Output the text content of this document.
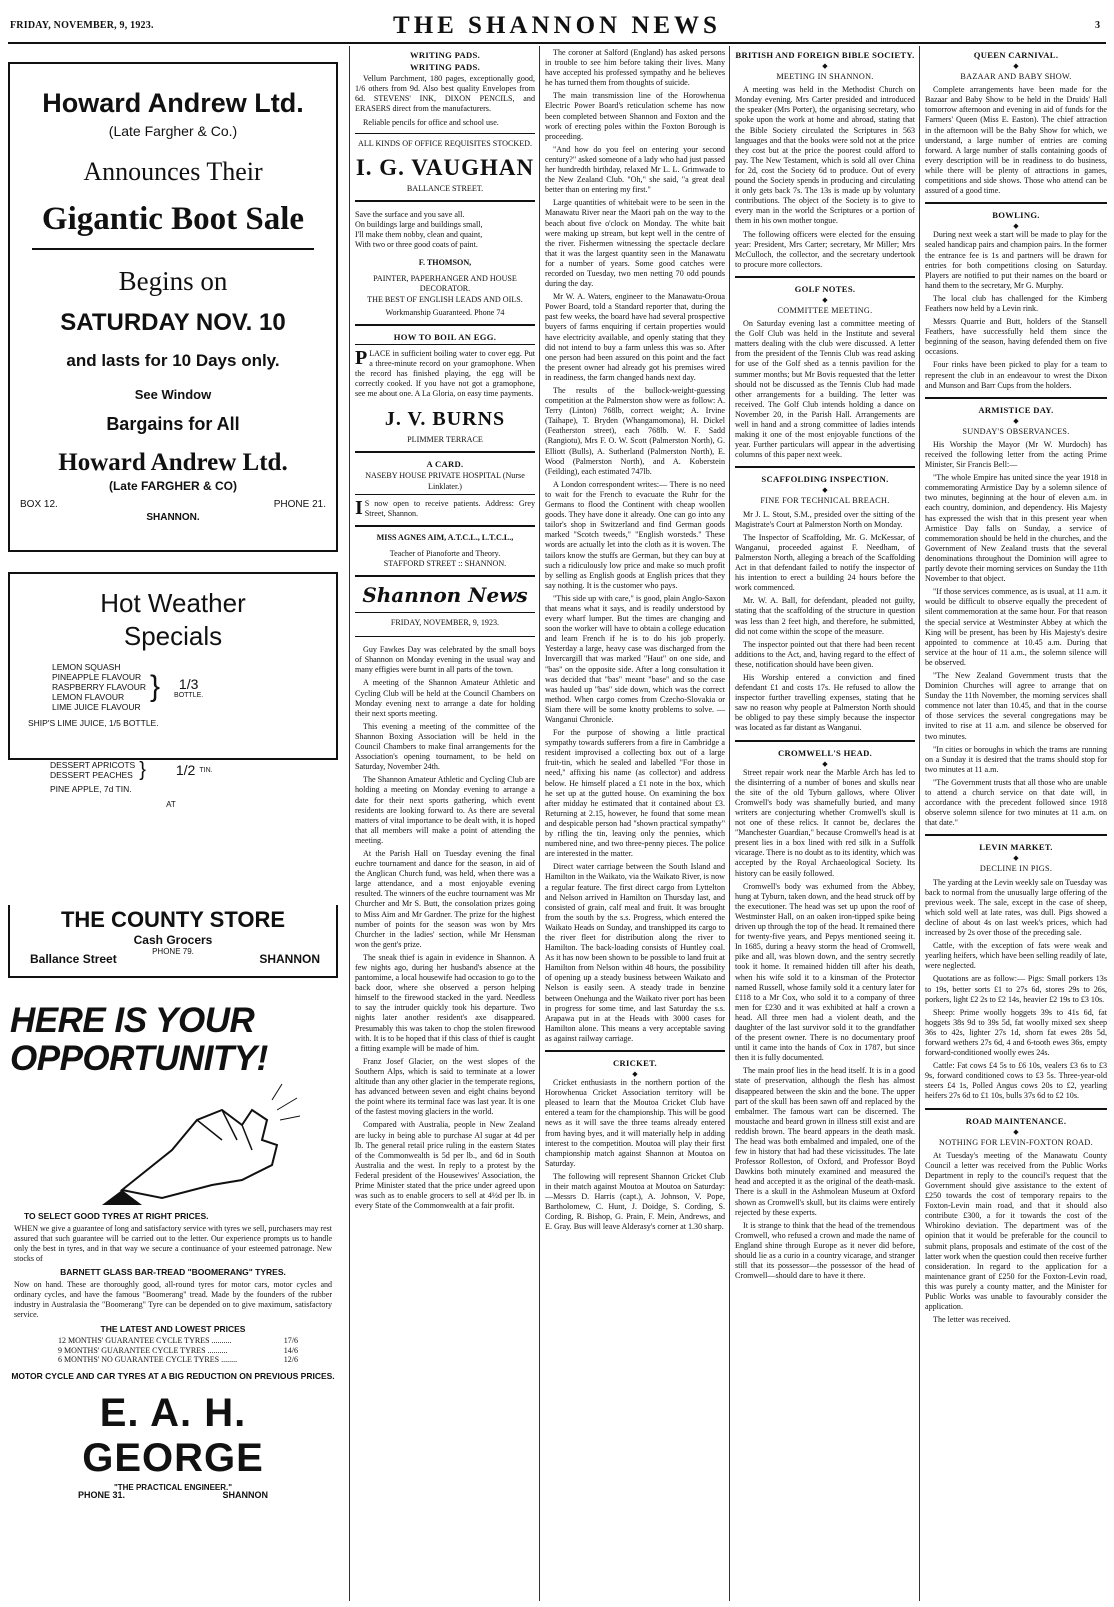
FRIDAY, NOVEMBER, 9, 1923.	THE SHANNON NEWS	3
Howard Andrew Ltd.
(Late Fargher & Co.)
Announces Their
Gigantic Boot Sale
Begins on
SATURDAY NOV. 10
and lasts for 10 Days only.
See Window
Bargains for All
Howard Andrew Ltd.
(Late FARGHER & CO)
BOX 12.	PHONE 21.
SHANNON.
Hot Weather
Specials
LEMON SQUASH
PINEAPPLE FLAVOUR
RASPBERRY FLAVOUR
LEMON FLAVOUR
LIME JUICE FLAVOUR
}	1/3
BOTTLE.
SHIP'S LIME JUICE, 1/5 BOTTLE.
DESSERT APRICOTS
DESSERT PEACHES } 1/2 TIN.
PINE APPLE, 7d TIN.
AT
THE COUNTY STORE
Cash Grocers
PHONE 79.
Ballance Street	SHANNON
HERE IS YOUR OPPORTUNITY!
TO SELECT GOOD TYRES AT RIGHT PRICES.
WHEN we give a guarantee of long and satisfactory service with tyres we sell, purchasers may rest assured that such guarantee will be carried out to the letter. Our experience prompts us to handle only the best in tyres, and in that way we secure a continuance of your esteemed patronage. New stocks of
BARNETT GLASS BAR-TREAD "BOOMERANG" TYRES.
Now on hand. These are thoroughly good, all-round tyres for motor cars, motor cycles and ordinary cycles, and have the famous "Boomerang" tread. Made by the founders of the rubber industry in Australasia the "Boomerang" Tyre can be depended on to give maximum, satisfactory service.
THE LATEST AND LOWEST PRICES
12 MONTHS' GUARANTEE CYCLE TYRES ..........	17/6
9 MONTHS' GUARANTEE CYCLE TYRES ..........	14/6
6 MONTHS' NO GUARANTEE CYCLE TYRES ........	12/6
MOTOR CYCLE AND CAR TYRES AT A BIG REDUCTION ON PREVIOUS PRICES.
E. A. H. GEORGE
"THE PRACTICAL ENGINEER."
PHONE 31.	SHANNON
WRITING PADS.
WRITING PADS.

Vellum Parchment, 180 pages, exceptionally good, 1/6 others from 9d. Also best quality Envelopes from 6d. STEVENS' INK, DIXON PENCILS, and ERASERS direct from the manufacturers.

Reliable pencils for office and school use.

ALL KINDS OF OFFICE REQUISITES STOCKED.
I. G. VAUGHAN
BALLANCE STREET.
Save the surface and you save all.
On buildings large and buildings small,
I'll make them nobby, clean and quaint,
With two or three good coats of paint.
F. THOMSON,
PAINTER, PAPERHANGER AND HOUSE DECORATOR.
THE BEST OF ENGLISH LEADS AND OILS.
Workmanship Guaranteed. Phone 74
HOW TO BOIL AN EGG.
PLACE in sufficient boiling water to cover egg. Put a three-minute record on your gramophone. When the record has finished playing, the egg will be correctly cooked. If you have not got a gramophone, see me about one. A La Gloria, on easy time payments.
J. V. BURNS
PLIMMER TERRACE
A CARD.
NASEBY HOUSE PRIVATE HOSPITAL (Nurse Linklater.)
I S now open to receive patients. Address: Grey Street, Shannon.
MISS AGNES AIM, A.T.C.L., L.T.C.L.,
Teacher of Pianoforte and Theory.
STAFFORD STREET :: SHANNON.
Shannon News
FRIDAY, NOVEMBER, 9, 1923.

Guy Fawkes Day was celebrated by the small boys of Shannon on Monday evening in the usual way and many effigies were burnt in all parts of the town.

A meeting of the Shannon Amateur Athletic and Cycling Club will be held at the Council Chambers on Monday evening next to arrange a date for holding their next sports meeting.

This evening a meeting of the committee of the Shannon Boxing Association will be held in the Council Chambers to make final arrangements for the Association's opening tournament, to be held on Saturday, November 24th.

The Shannon Amateur Athletic and Cycling Club are holding a meeting on Monday evening to arrange a date for their next sports gathering, which event residents are looking forward to. As there are several matters of vital importance to be dealt with, it is hoped that all members will make a point of attending the meeting.

At the Parish Hall on Tuesday evening the final euchre tournament and dance for the season, in aid of the Anglican Church fund, was held, when there was a large attendance, and a most enjoyable evening resulted. The winners of the euchre tournament was Mr Churcher and Mr S. Butt, the consolation prizes going to Miss Aim and Mr Gardner. The prize for the highest number of points for the season was won by Mrs Churcher in the ladies' section, while Mr Hensman won the gent's prize.

The sneak thief is again in evidence in Shannon. A few nights ago, during her husband's absence at the pantomime, a local housewife had occasion to go to the back door, where she observed a person helping himself to the firewood stacked in the yard. Needless to say the intruder quickly took his departure. Two nights later another resident's axe disappeared. Presumably this was taken to chop the stolen firewood with. It is to be hoped that if this class of thief is caught a fitting example will be made of him.

Franz Josef Glacier, on the west slopes of the Southern Alps, which is said to terminate at a lower altitude than any other glacier in the temperate regions, has advanced between seven and eight chains beyond the point where its terminal face was last year. It is one of the fastest moving glaciers in the world.

Compared with Australia, people in New Zealand are lucky in being able to purchase Al sugar at 4d per lb. The general retail price ruling in the eastern States of the Commonwealth is 5d per lb., and 6d in South Australia and the west. In reply to a protest by the Federal president of the Housewives' Association, the Prime Minister stated that the price under agreed upon was such as to enable grocers to sell at 4½d per lb. in every State of the Commonwealth at a fair profit.

The coroner at Salford (England) has asked persons in trouble to see him before taking their lives. Many have accepted his professed sympathy and he believes he has turned them from thoughts of suicide.

The main transmission line of the Horowhenua Electric Power Board's reticulation scheme has now been completed between Shannon and Foxton and the work of erecting poles within the Foxton Borough is proceeding.

"And how do you feel on entering your second century?" asked someone of a lady who had just passed her hundredth birthday, relaxed Mr L. L. Grimwade to the New Zealand Club. "Oh," she said, "a great deal better than on entering my first."

Large quantities of whitebait were to be seen in the Manawatu River near the Maori pah on the way to the beach about five o'clock on Monday. The white bait were making up stream, but kept well in the centre of the river. Fishermen witnessing the spectacle declare that it was the largest quantity seen in the Manawatu for a number of years. Some good catches were recorded on Tuesday, two men netting 70 odd pounds during the day.

Mr W. A. Waters, engineer to the Manawatu-Oroua Power Board, told a Standard reporter that, during the past few weeks, the board have had several prospective buyers of farms enquiring if certain properties would have electricity available, and openly stating that they did not intend to buy a farm unless this was so. After one person had been assured on this point and the fact the present owner had already got his premises wired in readiness, the farm changed hands next day.

The results of the bullock-weight-guessing competition at the Palmerston show were as follow: A. Terry (Linton) 768lb, correct weight; A. Irvine (Taihape), T. Bryden (Whangamomona), H. Dickel (Featherston street), each 768lb. W. F. Sadd (Rangiotu), Mrs F. O. W. Scott (Palmerston North), G. Elliott (Bulls), A. Sutherland (Palmerston North), E. Wood (Palmerston North), and A. Koberstein (Feilding), each estimated 747lb.

A London correspondent writes:— There is no need to wait for the French to evacuate the Ruhr for the Germans to flood the Continent with cheap woollen goods. They have done it already. One can go into any tailor's shop in Switzerland and find German goods marked "Scotch tweeds," "English worsteds." These words are actually let into the cloth as it is woven. The tailors know the stuffs are German, but they can buy at such a ridiculously low price and make so much profit by selling as English goods at English prices that they say nothing. It is the customer who pays.

"This side up with care," is good, plain Anglo-Saxon that means what it says, and is readily understood by every wharf lumper. But the times are changing and soon the worker will have to obtain a college education and learn French if he is to do his job properly. Yesterday a large, heavy case was discharged from the Invercargill that was marked "Haut" on one side, and "bas" on the opposite side. After a long consultation it was decided that "bas" meant "base" and so the case was hauled up "bas" side down, which was the correct method. When cargo comes from Czecho-Slovakia or Siam there will be some knotty problems to solve. —Wanganui Chronicle.

For the purpose of showing a little practical sympathy towards sufferers from a fire in Cambridge a resident improvised a collecting box out of a large fruit-tin, which he sealed and labelled "For those in need," affixing his name (as collector) and address below. He himself placed a £1 note in the box, which he set up at the gutted house. On examining the box after midday he estimated that it contained about £3. Returning at 2.15, however, he found that some mean and despicable person had "shown practical sympathy" by rifling the tin, leaving only the pennies, which numbered nine, and two three-penny pieces. The police are interested in the matter.

Direct water carriage between the South Island and Hamilton in the Waikato, via the Waikato River, is now a regular feature. The first direct cargo from Lyttelton and Nelson arrived in Hamilton on Thursday last, and consisted of grain, calf meal and fruit. It was brought from the south by the s.s. Progress, which entered the Waikato Heads on Sunday, and transhipped its cargo to the river fleet for distribution along the river to Hamilton. The back-loading consists of Huntley coal. As it has now been shown to be possible to land fruit at Hamilton from Nelson within 48 hours, the possibility of opening up a steady business between Waikato and Nelson is easily seen. A steady trade in benzine between Onehunga and the Waikato river port has been in progress for some time, and last Saturday the s.s. Arapawa put in at the Heads with 3000 cases for Hamilton alone. This means a very acceptable saving as against railway carriage.

CRICKET.
◆

Cricket enthusiasts in the northern portion of the Horowhenua Cricket Association territory will be pleased to learn that the Moutoa Cricket Club have entered a team for the championship. This will be good news as it will save the three teams already entered from having byes, and it will materially help in adding interest to the competition. Moutoa will play their first championship match against Shannon at Moutoa on Saturday.

The following will represent Shannon Cricket Club in their match against Moutoa at Moutoa on Saturday:—Messrs D. Harris (capt.), A. Johnson, V. Pope, Bartholomew, C. Hunt, J. Doidge, S. Cording, S. Cording, R. Bishop, G. Prain, F. Mein, Andrews, and E. Gray. Bus will leave Alderasy's corner at 1.30 sharp.

BRITISH AND FOREIGN BIBLE SOCIETY.
◆
MEETING IN SHANNON.

A meeting was held in the Methodist Church on Monday evening. Mrs Carter presided and introduced the speaker (Mrs Porter), the organising secretary, who spoke upon the work at home and abroad, stating that the Bible Society circulated the Scriptures in 563 languages and that the books were sold not at the price they cost but at the price the poorest could afford to pay. The New Testament, which is sold all over China for 2d, cost the Society 6d to produce. Out of every pound the Society spends in producing and circulating it only gets back 7s. The 13s is made up by voluntary contributions. The object of the Society is to give to every man in the world the Scriptures or a portion of them in his own mother tongue.

The following officers were elected for the ensuing year: President, Mrs Carter; secretary, Mr Miller; Mrs McCulloch, the collector, and the secretary undertook to procure more collectors.

GOLF NOTES.
◆
COMMITTEE MEETING.

On Saturday evening last a committee meeting of the Golf Club was held in the Institute and several matters dealing with the club were discussed. A letter from the president of the Tennis Club was read asking for use of the Golf shed as a tennis pavilion for the summer months; but Mr Bovis requested that the letter should not be discussed as the Tennis Club had made other arrangements for a building. The letter was received. The Golf Club intends holding a dance on November 20, in the Parish Hall. Arrangements are well in hand and a strong committee of ladies intends making it one of the most enjoyable functions of the year. Further particulars will appear in the advertising columns of this paper next week.

SCAFFOLDING INSPECTION.
◆
FINE FOR TECHNICAL BREACH.

Mr J. L. Stout, S.M., presided over the sitting of the Magistrate's Court at Palmerston North on Monday.

The Inspector of Scaffolding, Mr. G. McKessar, of Wanganui, proceeded against F. Needham, of Palmerston North, alleging a breach of the Scaffolding Act in that defendant failed to notify the inspector of his intention to erect a building 24 hours before the work commenced.

Mr. W. A. Ball, for defendant, pleaded not guilty, stating that the scaffolding of the structure in question was less than 2 feet high, and therefore, he submitted, did not come within the scope of the measure.

The inspector pointed out that there had been recent additions to the Act, and, having regard to the effect of these, notification should have been given.

His Worship entered a conviction and fined defendant £1 and costs 17s. He refused to allow the inspector further travelling expenses, stating that he saw no reason why people at Palmerston North should be obliged to pay these simply because the inspector was located as far distant as Wanganui.

CROMWELL'S HEAD.
◆

Street repair work near the Marble Arch has led to the disinterring of a number of bones and skulls near the site of the old Tyburn gallows, where Oliver Cromwell's body was shamefully buried, and many writers are conjecturing whether Cromwell's skull is not one of these relics. It cannot be, declares the "Manchester Guardian," because Cromwell's head is at present lies in a box lined with red silk in a Suffolk vicarage. There is no doubt as to its identity, which was accepted by the Royal Archaeological Society. Its history can be easily followed.

Cromwell's body was exhumed from the Abbey, hung at Tyburn, taken down, and the head struck off by the executioner. The head was set up upon the roof of Westminster Hall, on an oaken iron-tipped spike being driven up through the top of the head. It remained there for twenty-five years, and Pepys mentioned seeing it. In 1685, during a heavy storm the head of Cromwell, pike and all, was blown down, and the sentry secretly took it home. It remained hidden till after his death, when his wife sold it to a kinsman of the Protector named Russell, whose family sold it a century later for £118 to a Mr Cox, who sold it to a company of three men for £230 and it was exhibited at half a crown a head. All three men had a violent death, and the daughter of the last survivor sold it to the grandfather of the present owner. There is no documentary proof until it came into the hands of Cox in 1787, but since then it is fully documented.

The main proof lies in the head itself. It is in a good state of preservation, although the flesh has almost disappeared between the skin and the bone. The upper part of the skull has been sawn off and replaced by the embalmer. The famous wart can be discerned. The moustache and beard grown in illness still exist and are reddish brown. The beard appears in the death mask. The head was both embalmed and impaled, one of the few in history that had had these vicissitudes. The late Professor Rolleston, of Oxford, and Professor Boyd Dawkins both minutely examined and measured the head and accepted it as the original of the death-mask. There is a skull in the Ashmolean Museum at Oxford shown as Cromwell's skull, but its claims were entirely rejected by these experts.

It is strange to think that the head of the tremendous Cromwell, who refused a crown and made the name of England shine through Europe as it never did before, should lie as a curio in a country vicarage, and stranger still that its possessor—the possessor of the head of Cromwell—should dare to have it there.

QUEEN CARNIVAL.
◆
BAZAAR AND BABY SHOW.

Complete arrangements have been made for the Bazaar and Baby Show to be held in the Druids' Hall tomorrow afternoon and evening in aid of funds for the Farmers' Queen (Miss E. Easton). The chief attraction in the afternoon will be the Baby Show for which, we understand, a large number of entries are coming forward. A large number of stalls containing goods of every description will be in readiness to do business, while there will be plenty of attractions in games, competitions and side shows. Those who attend can be assured of a good time.

BOWLING.
◆

During next week a start will be made to play for the sealed handicap pairs and champion pairs. In the former the entrance fee is 1s and partners will be drawn for entries for both competitions closing on Saturday. Players are notified to put their names on the board or hand them to the secretary, Mr G. Murphy.

The local club has challenged for the Kimberg Feathers now held by a Levin rink.

Messrs Quarrie and Butt, holders of the Stansell Feathers, have successfully held them since the beginning of the season, having defended them on five occasions.

Four rinks have been picked to play for a team to represent the club in an endeavour to wrest the Dixon and Munson and Barr Cups from the holders.

ARMISTICE DAY.
◆
SUNDAY'S OBSERVANCES.

His Worship the Mayor (Mr W. Murdoch) has received the following letter from the acting Prime Minister, Sir Francis Bell:—

"The whole Empire has united since the year 1918 in commemorating Armistice Day by a solemn silence of two minutes, beginning at the hour of eleven a.m. in each country, dominion, and dependency. His Majesty has expressed the wish that in this present year when Armistice Day falls on Sunday, a service of commemoration should be held in the churches, and the Government of New Zealand trusts that the several denominations throughout the Dominion will agree to partly devote their morning services on Sunday the 11th November to that object.

"If those services commence, as is usual, at 11 a.m. it would be difficult to observe equally the precedent of silent commemoration at the same hour. For that reason the special service at Westminster Abbey at which the King will be present, has been by His Majesty's desire appointed to commence at 10.45 a.m. During that service at the hour of 11 a.m., the solemn silence will be observed.

"The New Zealand Government trusts that the Dominion Churches will agree to arrange that on Sunday the 11th November, the morning services shall commence not later than 10.45, and that in the course of those services the several congregations may be invited to rise at 11 a.m. and silence be observed for two minutes.

"In cities or boroughs in which the trams are running on a Sunday it is desired that the trams should stop for two minutes at 11 a.m.

"The Government trusts that all those who are unable to attend a church service on that date will, in accordance with the precedent followed since 1918 observe solemn silence for two minutes at 11 a.m. on that date."

LEVIN MARKET.
◆
DECLINE IN PIGS.

The yarding at the Levin weekly sale on Tuesday was back to normal from the unusually large offering of the previous week. The sale, except in the case of sheep, which sold well at late rates, was dull. Pigs showed a decline of about 4s on last week's prices, which had increased by 2s over those of the preceding sale.

Cattle, with the exception of fats were weak and yearling heifers, which have been selling readily of late, were neglected.

Quotations are as follow:— Pigs: Small porkers 13s to 19s, better sorts £1 to 27s 6d, stores 29s to 26s, porkers, light £2 2s to £2 14s, heavier £2 19s to £3 10s.

Sheep: Prime woolly hoggets 39s to 41s 6d, fat hoggets 38s 9d to 39s 5d, fat woolly mixed sex sheep 36s to 42s, lighter 27s 1d, shorn fat ewes 28s 5d, forward wethers 27s 6d, 4 and 6-tooth ewes 36s, empty forward-conditioned woolly ewes 24s.

Cattle: Fat cows £4 5s to £6 10s, vealers £3 6s to £3 9s, forward conditioned cows to £3 5s. Three-year-old steers £4 1s, Polled Angus cows 20s to £2, yearling heifers 27s 6d to £1 10s, bulls 37s 6d to £2 10s.

ROAD MAINTENANCE.
◆
NOTHING FOR LEVIN-FOXTON ROAD.

At Tuesday's meeting of the Manawatu County Council a letter was received from the Public Works Department in reply to the council's request that the Government should give assistance to the extent of £250 towards the cost of temporary repairs to the Foxton-Levin main road, and that it should also contribute £300, a for it towards the cost of the Whirokino deviation. The department was of the opinion that it would be preferable for the council to submit plans, proposals and estimate of the cost of the latter work when the question could then receive further consideration. In regard to the application for a maintenance grant of £250 for the Foxton-Levin road, this was purely a county matter, and the Minister for Public Works was unable to favourably consider the application.

The letter was received.
